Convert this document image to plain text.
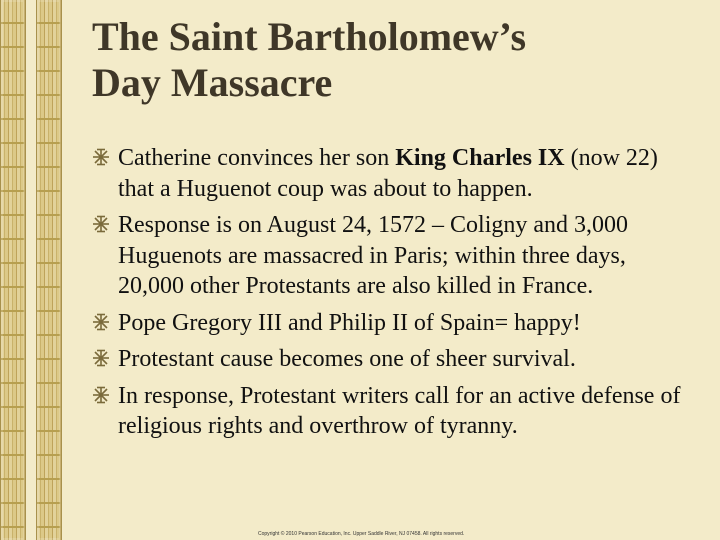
The Saint Bartholomew’s
Day Massacre
Catherine convinces her son King Charles IX (now 22) that a Huguenot coup was about to happen.
Response is on August 24, 1572 – Coligny and 3,000 Huguenots are massacred in Paris; within three days, 20,000 other Protestants are also killed in France.
Pope Gregory III and Philip II of Spain= happy!
Protestant cause becomes one of sheer survival.
In response, Protestant writers call for an active defense of religious rights and overthrow of tyranny.
Copyright © 2010 Pearson Education, Inc. Upper Saddle River, NJ 07458. All rights reserved.
